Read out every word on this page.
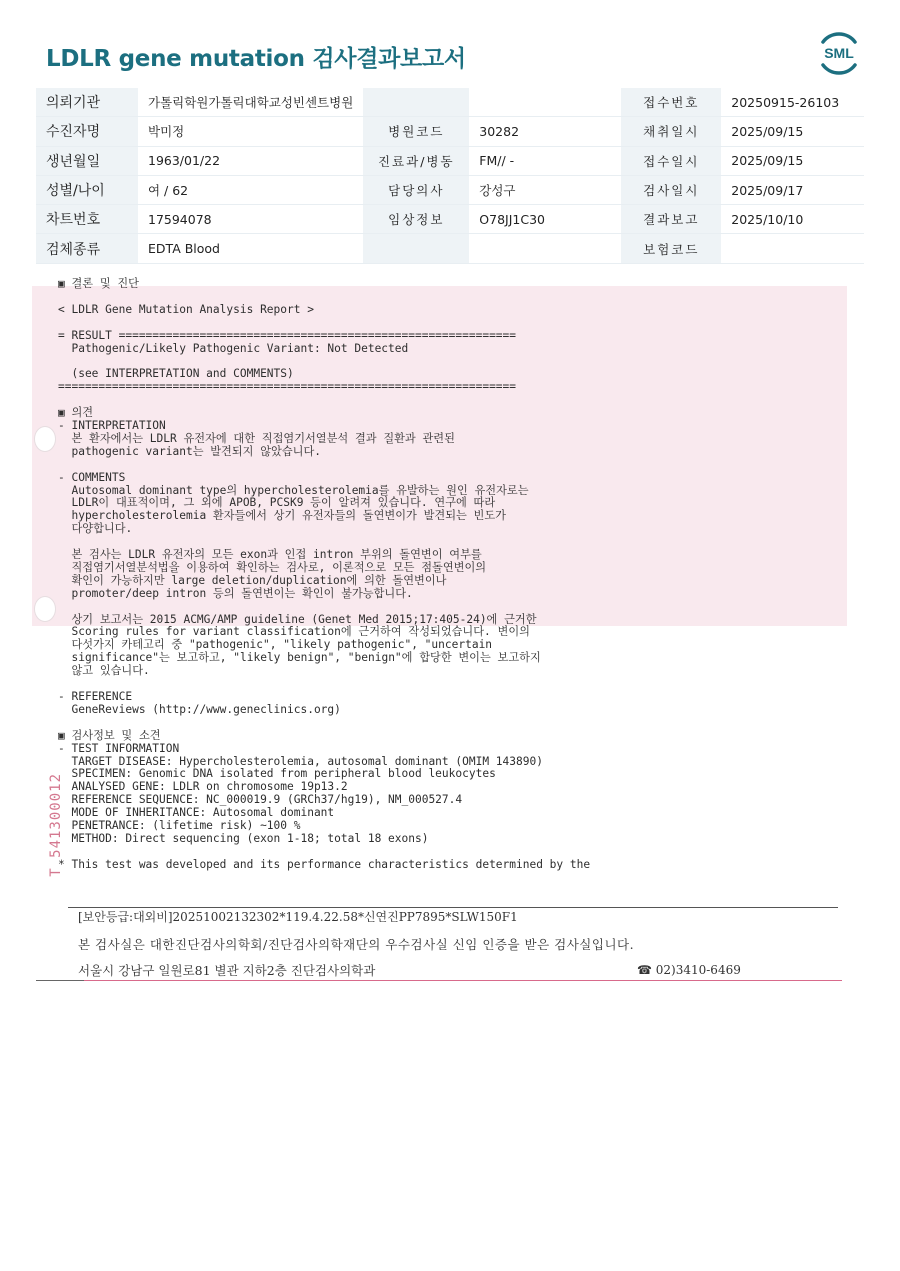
LDLR gene mutation 검사결과보고서	SML
의뢰기관	가톨릭학원가톨릭대학교성빈센트병원			접수번호	20250915-26103
수진자명	박미정	병원코드	30282	채취일시	2025/09/15
생년월일	1963/01/22	진료과/병동	FM// -	접수일시	2025/09/15
성별/나이	여 / 62	담당의사	강성구	검사일시	2025/09/17
차트번호	17594078	임상정보	O78JJ1C30	결과보고	2025/10/10
검체종류	EDTA Blood			보험코드	
▣ 결론 및 진단

< LDLR Gene Mutation Analysis Report >

= RESULT ===========================================================
Pathogenic/Likely Pathogenic Variant: Not Detected

(see INTERPRETATION and COMMENTS)
====================================================================

▣ 의견
- INTERPRETATION
본 환자에서는 LDLR 유전자에 대한 직접염기서열분석 결과 질환과 관련된
pathogenic variant는 발견되지 않았습니다.

- COMMENTS
Autosomal dominant type의 hypercholesterolemia를 유발하는 원인 유전자로는
LDLR이 대표적이며, 그 외에 APOB, PCSK9 등이 알려져 있습니다. 연구에 따라
hypercholesterolemia 환자들에서 상기 유전자들의 돌연변이가 발견되는 빈도가
다양합니다.

본 검사는 LDLR 유전자의 모든 exon과 인접 intron 부위의 돌연변이 여부를
직접염기서열분석법을 이용하여 확인하는 검사로, 이론적으로 모든 점돌연변이의
확인이 가능하지만 large deletion/duplication에 의한 돌연변이나
promoter/deep intron 등의 돌연변이는 확인이 불가능합니다.

상기 보고서는 2015 ACMG/AMP guideline (Genet Med 2015;17:405-24)에 근거한
Scoring rules for variant classification에 근거하여 작성되었습니다. 변이의
다섯가지 카테고리 중 "pathogenic", "likely pathogenic", "uncertain
significance"는 보고하고, "likely benign", "benign"에 합당한 변이는 보고하지
않고 있습니다.

- REFERENCE
GeneReviews (http://www.geneclinics.org)

▣ 검사정보 및 소견
- TEST INFORMATION
TARGET DISEASE: Hypercholesterolemia, autosomal dominant (OMIM 143890)
SPECIMEN: Genomic DNA isolated from peripheral blood leukocytes
ANALYSED GENE: LDLR on chromosome 19p13.2
REFERENCE SEQUENCE: NC_000019.9 (GRCh37/hg19), NM_000527.4
MODE OF INHERITANCE: Autosomal dominant
PENETRANCE: (lifetime risk) ~100 %
METHOD: Direct sequencing (exon 1-18; total 18 exons)

* This test was developed and its performance characteristics determined by the
T 541300012
[보안등급:대외비]20251002132302*119.4.22.58*신연진PP7895*SLW150F1
본 검사실은 대한진단검사의학회/진단검사의학재단의 우수검사실 신임 인증을 받은 검사실입니다.
서울시 강남구 일원로81 별관 지하2층 진단검사의학과	☎ 02)3410-6469
